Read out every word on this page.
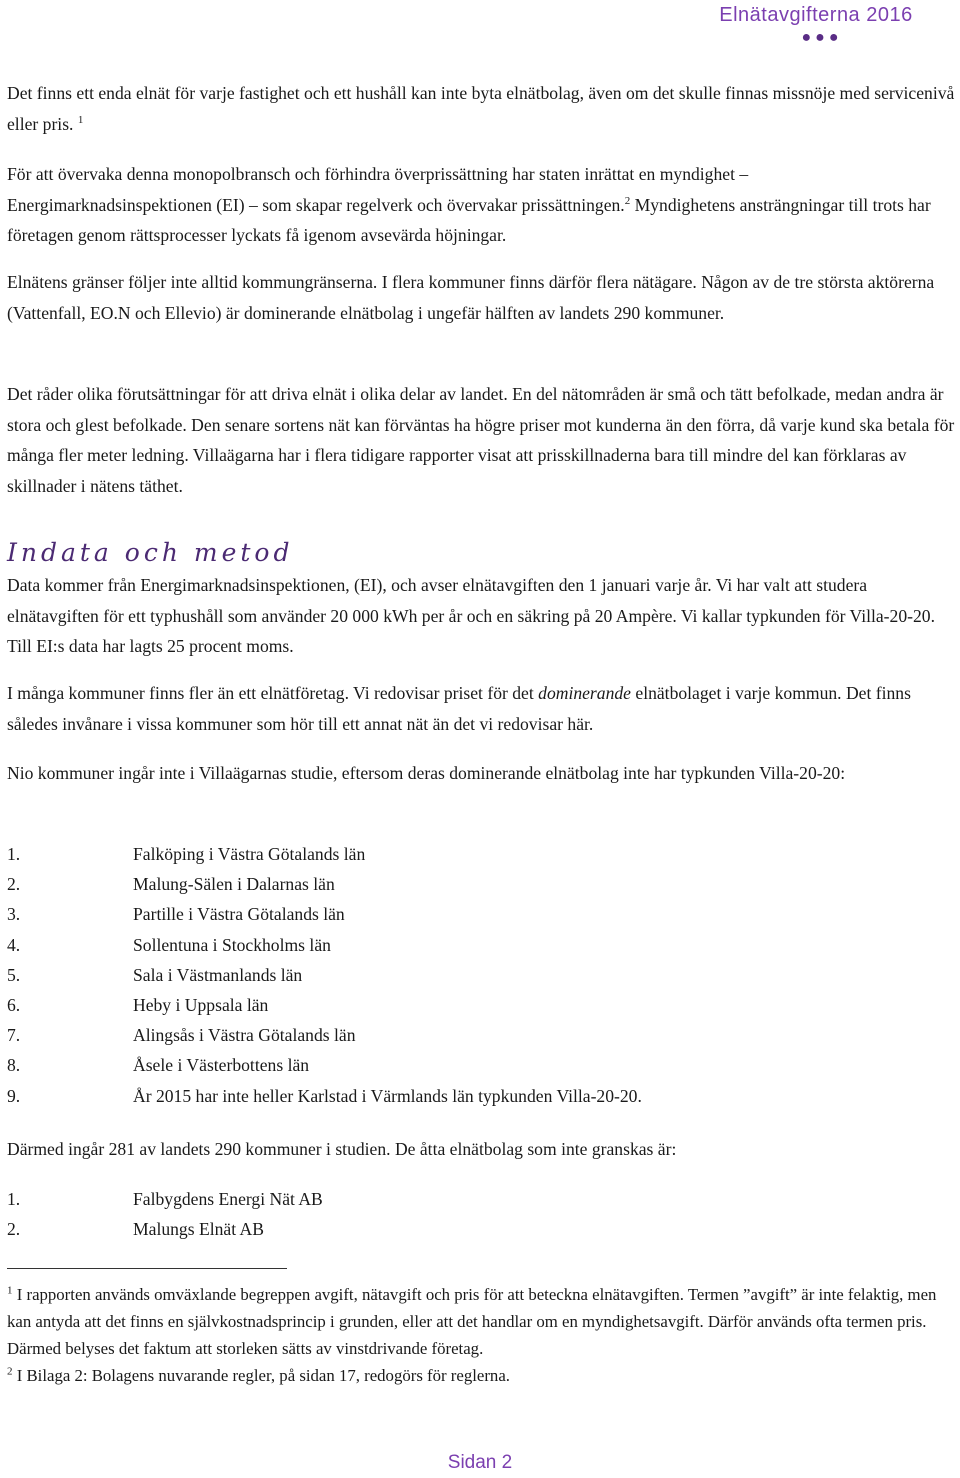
Elnätavgifterna 2016
●●●

Det finns ett enda elnät för varje fastighet och ett hushåll kan inte byta elnätbolag, även om det skulle finnas missnöje med servicenivå eller pris. $^1$

För att övervaka denna monopolbransch och förhindra överprissättning har staten inrättat en myndighet – Energimarknadsinspektionen (EI) – som skapar regelverk och övervakar prissättningen.$^2$ Myndighetens ansträngningar till trots har företagen genom rättsprocesser lyckats få igenom avsevärda höjningar.

Elnätens gränser följer inte alltid kommungränserna. I flera kommuner finns därför flera nätägare. Någon av de tre största aktörerna (Vattenfall, EO.N och Ellevio) är dominerande elnätbolag i ungefär hälften av landets 290 kommuner.

Det råder olika förutsättningar för att driva elnät i olika delar av landet. En del nätområden är små och tätt befolkade, medan andra är stora och glest befolkade. Den senare sortens nät kan förväntas ha högre priser mot kunderna än den förra, då varje kund ska betala för många fler meter ledning. Villaägarna har i flera tidigare rapporter visat att prisskillnaderna bara till mindre del kan förklaras av skillnader i nätens täthet.

Indata och metod

Data kommer från Energimarknadsinspektionen, (EI), och avser elnätavgiften den 1 januari varje år. Vi har valt att studera elnätavgiften för ett typhushåll som använder 20 000 kWh per år och en säkring på 20 Ampère. Vi kallar typkunden för Villa-20-20. Till EI:s data har lagts 25 procent moms.

I många kommuner finns fler än ett elnätföretag. Vi redovisar priset för det dominerande elnätbolaget i varje kommun. Det finns således invånare i vissa kommuner som hör till ett annat nät än det vi redovisar här.

Nio kommuner ingår inte i Villaägarnas studie, eftersom deras dominerande elnätbolag inte har typkunden Villa-20-20:

1.	Falköping i Västra Götalands län
2.	Malung-Sälen i Dalarnas län
3.	Partille i Västra Götalands län
4.	Sollentuna i Stockholms län
5.	Sala i Västmanlands län
6.	Heby i Uppsala län
7.	Alingsås i Västra Götalands län
8.	Åsele i Västerbottens län
9.	År 2015 har inte heller Karlstad i Värmlands län typkunden Villa-20-20.

Därmed ingår 281 av landets 290 kommuner i studien. De åtta elnätbolag som inte granskas är:

1.	Falbygdens Energi Nät AB
2.	Malungs Elnät AB

$^1$ I rapporten används omväxlande begreppen avgift, nätavgift och pris för att beteckna elnätavgiften. Termen ”avgift” är inte felaktig, men kan antyda att det finns en självkostnadsprincip i grunden, eller att det handlar om en myndighetsavgift. Därför används ofta termen pris. Därmed belyses det faktum att storleken sätts av vinstdrivande företag.

$^2$ I Bilaga 2: Bolagens nuvarande regler, på sidan 17, redogörs för reglerna.

Sidan 2
